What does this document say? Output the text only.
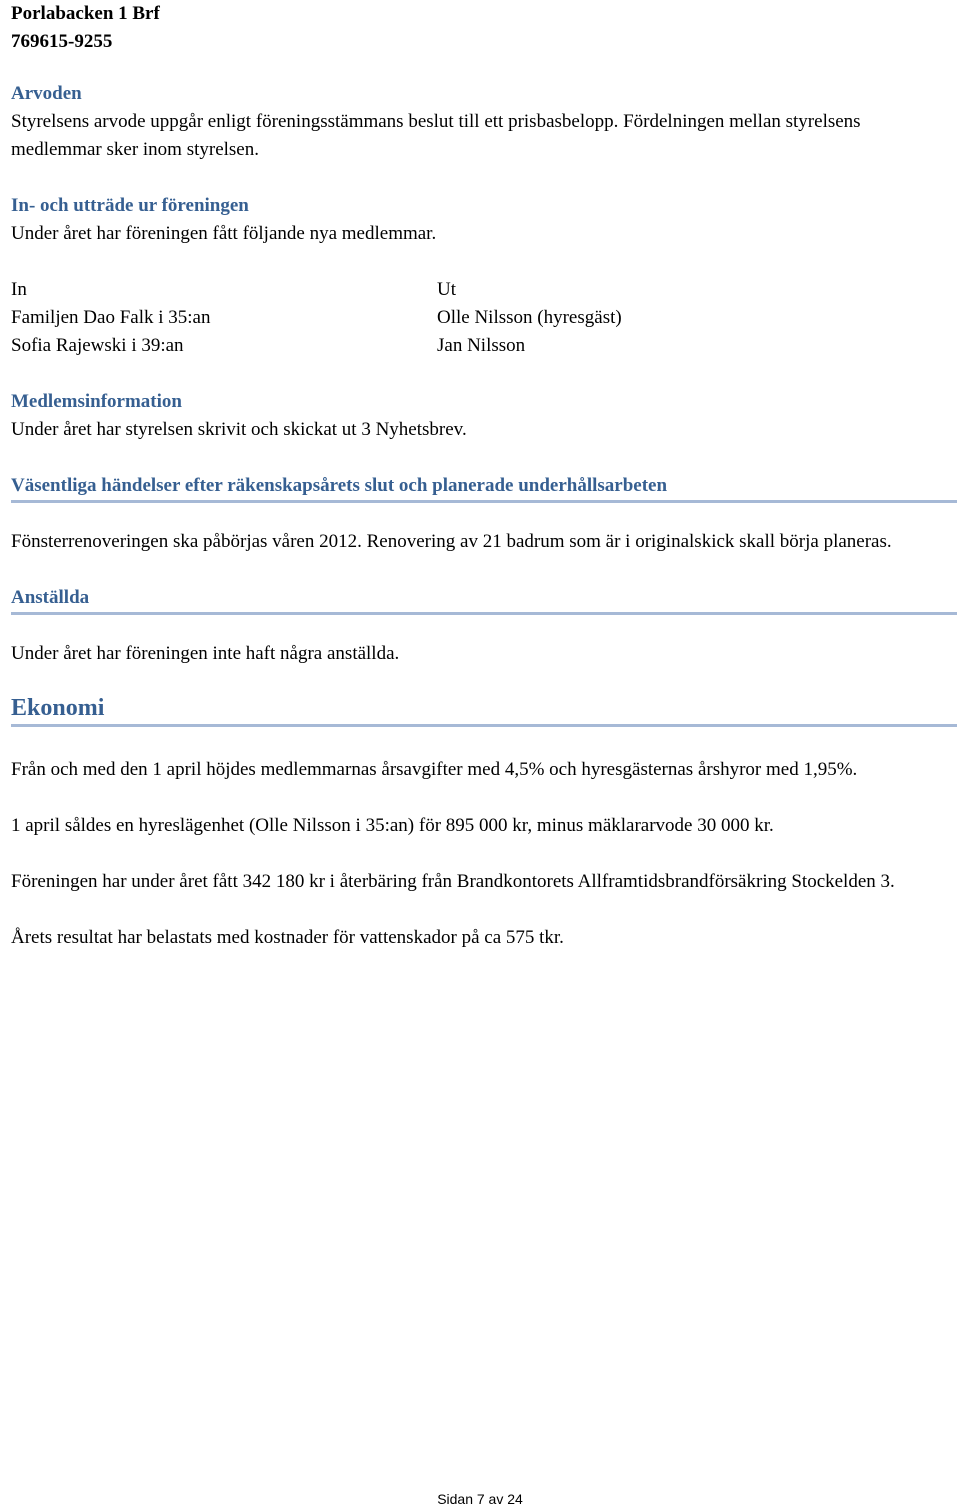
Porlabacken 1 Brf
769615-9255
Arvoden

Styrelsens arvode uppgår enligt föreningsstämmans beslut till ett prisbasbelopp. Fördelningen mellan styrelsens medlemmar sker inom styrelsen.

In- och utträde ur föreningen

Under året har föreningen fått följande nya medlemmar.

In
Familjen Dao Falk i 35:an
Sofia Rajewski i 39:an
Ut
Olle Nilsson (hyresgäst)
Jan Nilsson
Medlemsinformation

Under året har styrelsen skrivit och skickat ut 3 Nyhetsbrev.

Väsentliga händelser efter räkenskapsårets slut och planerade underhållsarbeten

Fönsterrenoveringen ska påbörjas våren 2012. Renovering av 21 badrum som är i originalskick skall börja planeras.

Anställda

Under året har föreningen inte haft några anställda.

Ekonomi

Från och med den 1 april höjdes medlemmarnas årsavgifter med 4,5% och hyresgästernas årshyror med 1,95%.

1 april såldes en hyreslägenhet (Olle Nilsson i 35:an) för 895 000 kr, minus mäklararvode 30 000 kr.

Föreningen har under året fått 342 180 kr i återbäring från Brandkontorets Allframtidsbrandförsäkring Stockelden 3.

Årets resultat har belastats med kostnader för vattenskador på ca 575 tkr.

Sidan 7 av 24
